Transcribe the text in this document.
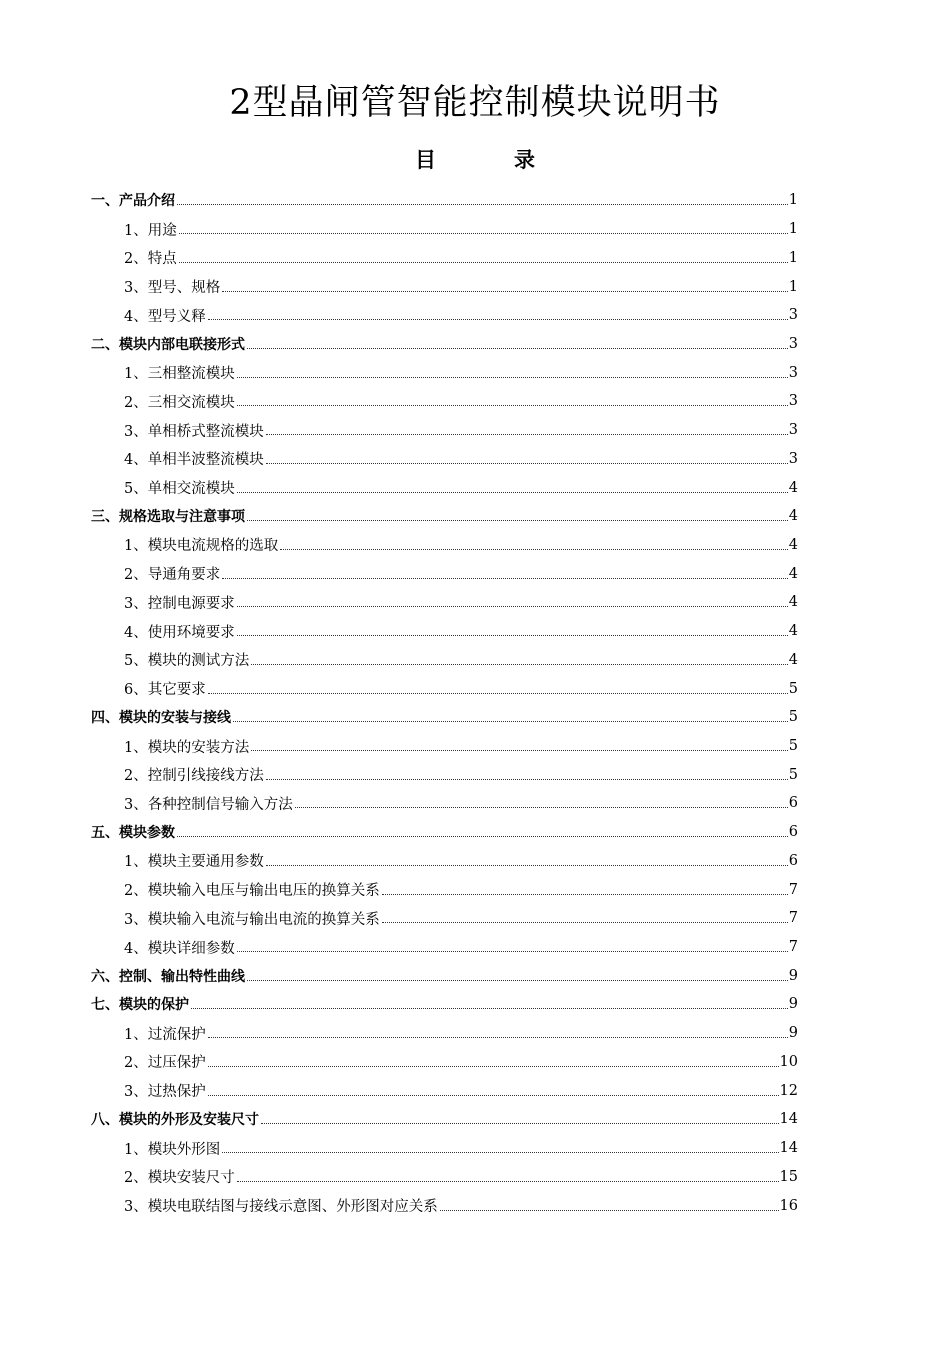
2型晶闸管智能控制模块说明书
目录
一、产品介绍	1
1、用途	1
2、特点	1
3、型号、规格	1
4、型号义释	3
二、模块内部电联接形式	3
1、三相整流模块	3
2、三相交流模块	3
3、单相桥式整流模块	3
4、单相半波整流模块	3
5、单相交流模块	4
三、规格选取与注意事项	4
1、模块电流规格的选取	4
2、导通角要求	4
3、控制电源要求	4
4、使用环境要求	4
5、模块的测试方法	4
6、其它要求	5
四、模块的安装与接线	5
1、模块的安装方法	5
2、控制引线接线方法	5
3、各种控制信号输入方法	6
五、模块参数	6
1、模块主要通用参数	6
2、模块输入电压与输出电压的换算关系	7
3、模块输入电流与输出电流的换算关系	7
4、模块详细参数	7
六、控制、输出特性曲线	9
七、模块的保护	9
1、过流保护	9
2、过压保护	10
3、过热保护	12
八、模块的外形及安装尺寸	14
1、模块外形图	14
2、模块安装尺寸	15
3、模块电联结图与接线示意图、外形图对应关系	16
